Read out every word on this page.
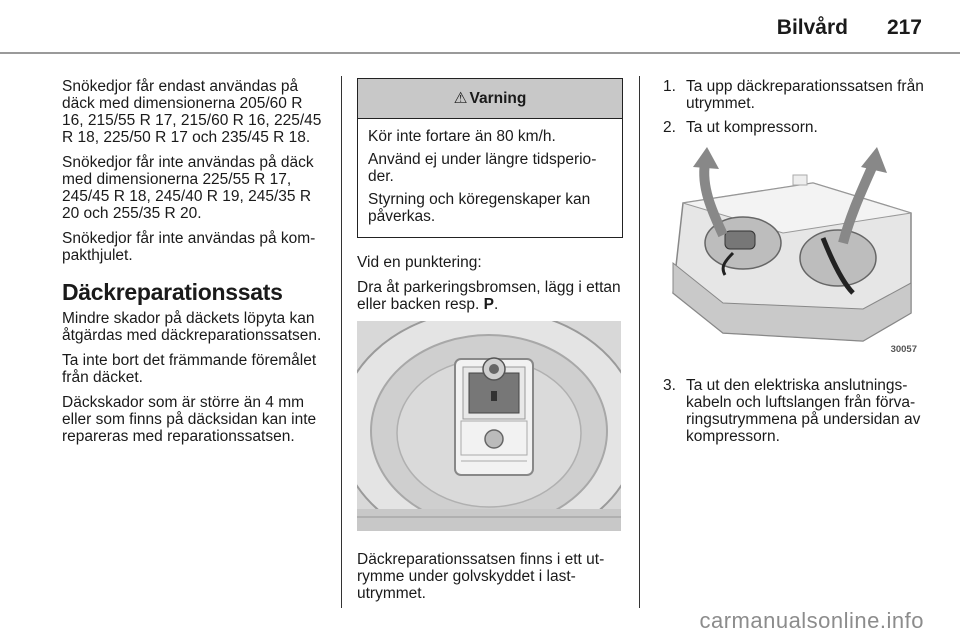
Bilvård 217

Snökedjor får endast användas på däck med dimensionerna 205/60 R 16, 215/55 R 17, 215/60 R 16, 225/45 R 18, 225/50 R 17 och 235/45 R 18.

Snökedjor får inte användas på däck med dimensionerna 225/55 R 17, 245/45 R 18, 245/40 R 19, 245/35 R 20 och 255/35 R 20.

Snökedjor får inte användas på kompakthjulet.

Däckreparationssats

Mindre skador på däckets löpyta kan åtgärdas med däckreparationssatsen.

Ta inte bort det främmande föremålet från däcket.

Däckskador som är större än 4 mm eller som finns på däcksidan kan inte repareras med reparationssatsen.

⚠ Varning

Kör inte fortare än 80 km/h.

Använd ej under längre tidsperioder.

Styrning och köregenskaper kan påverkas.

Vid en punktering:

Dra åt parkeringsbromsen, lägg i ettan eller backen resp. P.

Däckreparationssatsen finns i ett utrymme under golvskyddet i lastutrymmet.

1. Ta upp däckreparationssatsen från utrymmet.
2. Ta ut kompressorn.
30057
3. Ta ut den elektriska anslutningskabeln och luftslangen från förvaringsutrymmena på undersidan av kompressorn.
carmanualsonline.info
